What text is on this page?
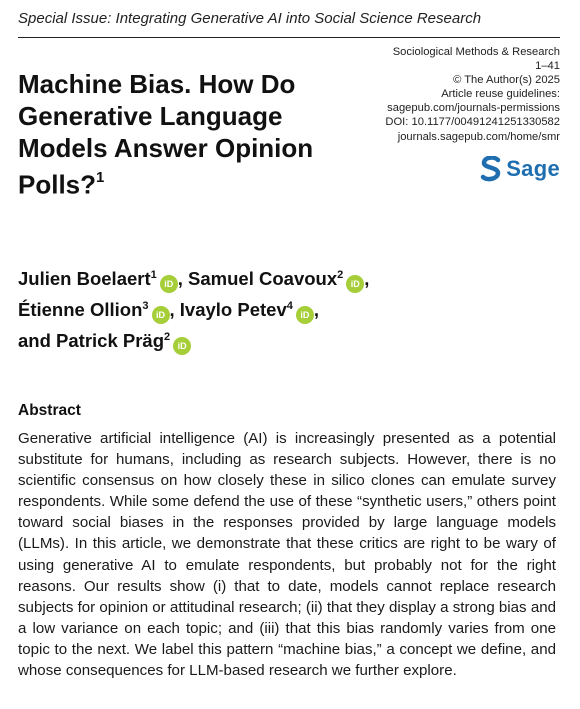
Special Issue: Integrating Generative AI into Social Science Research
Sociological Methods & Research
1–41
© The Author(s) 2025
Article reuse guidelines:
sagepub.com/journals-permissions
DOI: 10.1177/00491241251330582
journals.sagepub.com/home/smr
Sage
Machine Bias. How Do Generative Language Models Answer Opinion Polls?$^1$
Julien Boelaert$^1$iD , Samuel Coavoux$^2$iD ,
Étienne Ollion$^3$iD , Ivaylo Petev$^4$iD ,
and Patrick Präg$^2$iD
Abstract

Generative artificial intelligence (AI) is increasingly presented as a potential substitute for humans, including as research subjects. However, there is no scientific consensus on how closely these in silico clones can emulate survey respondents. While some defend the use of these “synthetic users,” others point toward social biases in the responses provided by large language models (LLMs). In this article, we demonstrate that these critics are right to be wary of using generative AI to emulate respondents, but probably not for the right reasons. Our results show (i) that to date, models cannot replace research subjects for opinion or attitudinal research; (ii) that they display a strong bias and a low variance on each topic; and (iii) that this bias randomly varies from one topic to the next. We label this pattern “machine bias,” a concept we define, and whose consequences for LLM-based research we further explore.
